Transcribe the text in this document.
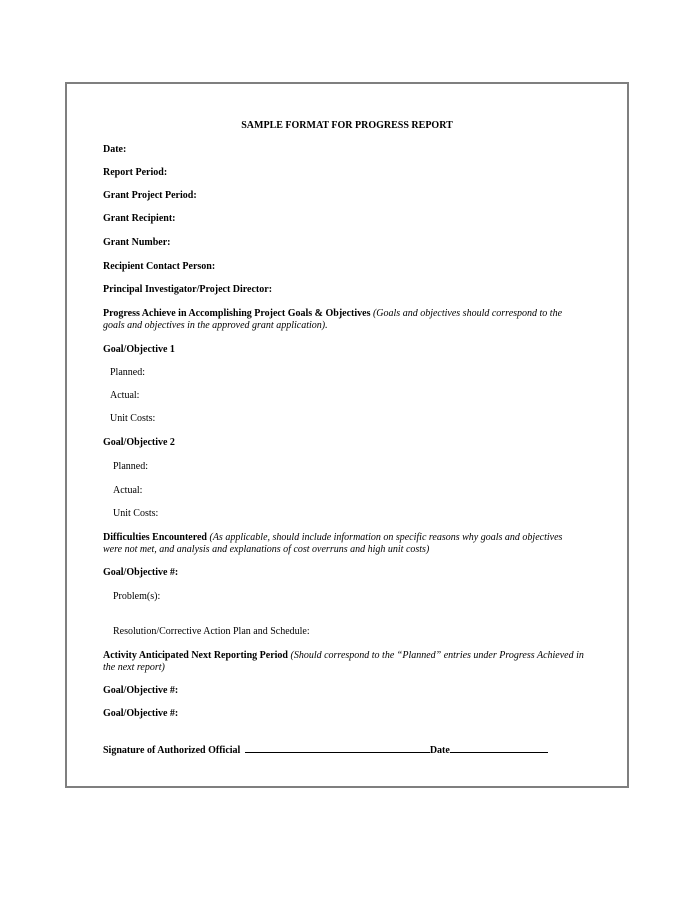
SAMPLE FORMAT FOR PROGRESS REPORT
Date:
Report Period:
Grant Project Period:
Grant Recipient:
Grant Number:
Recipient Contact Person:
Principal Investigator/Project Director:
Progress Achieve in Accomplishing Project Goals & Objectives (Goals and objectives should correspond to the goals and objectives in the approved grant application).
Goal/Objective 1
Planned:
Actual:
Unit Costs:
Goal/Objective 2
Planned:
Actual:
Unit Costs:
Difficulties Encountered (As applicable, should include information on specific reasons why goals and objectives were not met, and analysis and explanations of cost overruns and high unit costs)
Goal/Objective #:
Problem(s):
Resolution/Corrective Action Plan and Schedule:
Activity Anticipated Next Reporting Period (Should correspond to the “Planned” entries under Progress Achieved in the next report)
Goal/Objective #:
Goal/Objective #:
Signature of Authorized Official	Date
